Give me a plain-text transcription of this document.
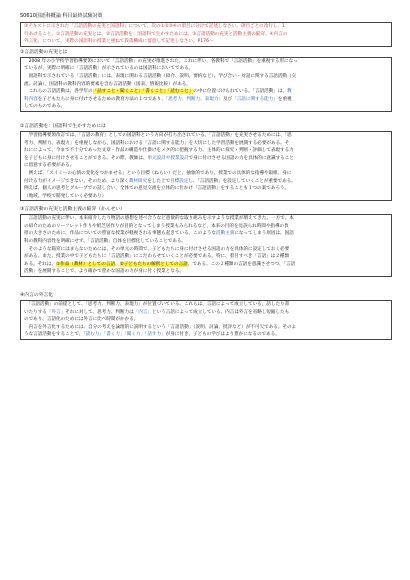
S0610国語科概論 科目最終試験対策
③テキストに示された「言語活動の充実と国語科」について、次の①②③④の項目に分けて記述しなさい。項目ごとに改行し、1
行あけること。①言語活動の充実とは、②言語活動を：国語科で生かすためには、③言語活動の充実と活動主義の陥穽、④内言の
外言化、について、実際の国語科の授業と重ねて段落構成に留意して記述しなさい。P176〜
①言語活動の充実とは
　2008 年の小学校学習指導要領において「言語活動」の充実が推進された。これに伴い、各教科で「言語活動」を重視する形になっ
ているが、実際に明確に「言語活動」が示されているのは国語科においてである。
　国語科で示されている「言語活動」には、表現に関わる言語活動（紹介、説明、要約など）、学び合い・対話に関する言語活動（交
流、討論）、国語科の教科内容的要素を含む言語活動（図表、情報比較）がある。
　これらの言語活動は、各学年の「話すこと・聞くこと」「書くこと」「読むこと」の中に位置づけられている。「言語活動」は、教
科内容を子どもたちに身に付けさせるための教育方法の１つであり、「思考力、判断力、表現力」及び「言語に関する能力」を重視
してのものである。
②言語活動を：国語科で生かすためには
　学習指導要領改訂では、「言語の教育」としての国語科という方向が打ち出されている。「言語活動」を充実させるためには、「思
考力、判断力、表現力」を重視しながら、国語科における「言語に関する能力」を大切にした学習活動を展開する必要がある。そ
れにによって、今まで不十分であった文章・作品の構造や仕掛けをメタ的に把握する力、主体的に探究・判断・評価して表現する力
を子どもに身に付けさせることができる。その際、教師は、単元設計や授業設計で身に付けさせる国語の力を具体的に意識すること
に留意する必要がある。
　例えば、「スイミーの心情の変化をつかませる」という目標（ねらい）だと、抽象的であり、授業での具体的な指導や取組、身に
付ける力がイメージできない。そのため、より深く教材研究をした上で目標設定し、「言語活動」を設定していくことが重要である。
例えば、個人の思考とグループでの話し合い、全体での意見交流を立体的に仕かけ「言語活動」をすることも１つの案であろう。
（地域、学校で開発していく必要あり）
③言語活動の充実と活動主義の陥穽（かんせい）
　言語活動の充実に伴い、本来紹介したり物語の感想を述べ合うなど意欲的な取り組みを示すような授業が増えてきた。一方で、本
の紹介のためのリーフレット作りや紙芝居作りが目的となってしまう授業もみられるなど、本来の目的を見誤られ時間や指導の負
担の大きさのために、作品についての豊富な授業が軽視される事態も起きている。このような活動主義になってしまう原因は、国語
科の教科内容性を明確にせず、「言語活動」自体を目標化していることである。
　そのような陥穽にはまらないためには、その単元の時間で、子どもたちに身に付けさせる国語の力を具体的に設定しておく必要
がある。また、授業の中で子どもたちに「言語活動」にこだわらせていくことが必要である。特に、着目すべき「言語」は２種類
ある。それは、①作品（教材）としての言語、②子どもたちの解釈としての言語、である。この２種類の言語を意識させつつ、「言語
活動」を展開することで、より確かで豊かな国語の力が身に付く授業となる。
④内言の外言化
　「言語活動」の前提として、「思考力、判断力、表現力」が位置づいている。これらは、言語によって成立している。話したり書
いたりする「外言」それに対して、思考力、判断力は「内言」という言語によって成立している。内言は外言を省略し短縮したも
のであり、言語化のためには外言に比べ時間がかかる。
　内言を外言化するためには、自分の考えを論理的に説明するという「言語活動」（説明、討論、批評など）が不可欠である。そのよ
うな言語活動をすることで、「読む力」「書く力」「聞く力」「話す力」が身に付き、子どもの学びはより豊かになるのである。
